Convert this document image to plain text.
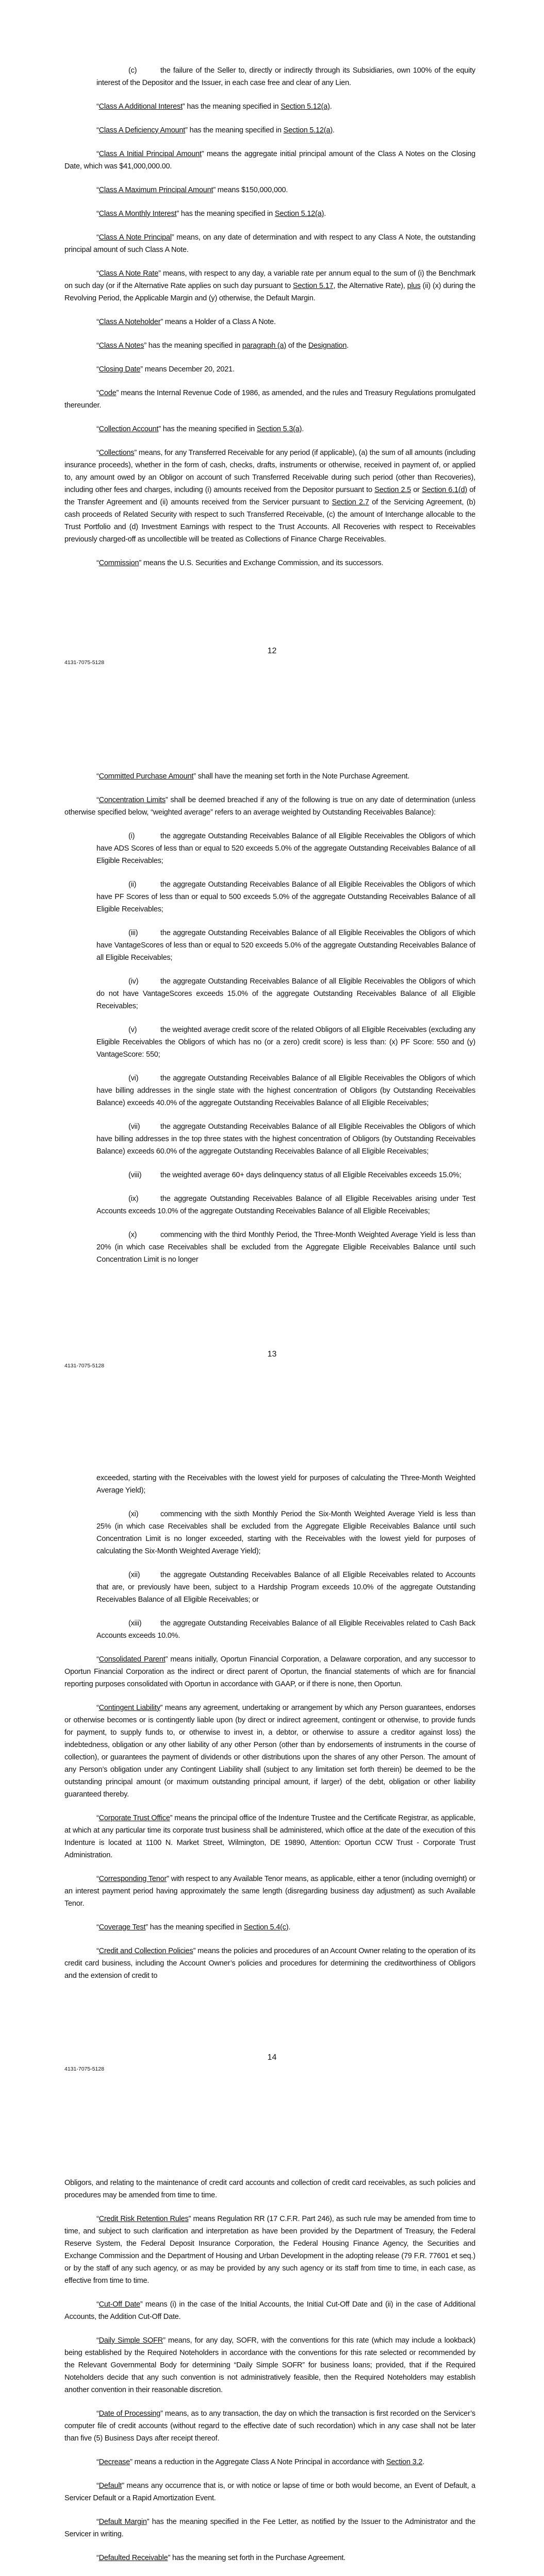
(c)	the failure of the Seller to, directly or indirectly through its Subsidiaries, own 100% of the equity interest of the Depositor and the Issuer, in each case free and clear of any Lien.

“Class A Additional Interest” has the meaning specified in Section 5.12(a).

“Class A Deficiency Amount” has the meaning specified in Section 5.12(a).

“Class A Initial Principal Amount” means the aggregate initial principal amount of the Class A Notes on the Closing Date, which was $41,000,000.00.

“Class A Maximum Principal Amount” means $150,000,000.

“Class A Monthly Interest” has the meaning specified in Section 5.12(a).

“Class A Note Principal” means, on any date of determination and with respect to any Class A Note, the outstanding principal amount of such Class A Note.

“Class A Note Rate” means, with respect to any day, a variable rate per annum equal to the sum of (i) the Benchmark on such day (or if the Alternative Rate applies on such day pursuant to Section 5.17, the Alternative Rate), plus (ii) (x) during the Revolving Period, the Applicable Margin and (y) otherwise, the Default Margin.

“Class A Noteholder” means a Holder of a Class A Note.

“Class A Notes” has the meaning specified in paragraph (a) of the Designation.

“Closing Date” means December 20, 2021.

“Code” means the Internal Revenue Code of 1986, as amended, and the rules and Treasury Regulations promulgated thereunder.

“Collection Account” has the meaning specified in Section 5.3(a).

“Collections” means, for any Transferred Receivable for any period (if applicable), (a) the sum of all amounts (including insurance proceeds), whether in the form of cash, checks, drafts, instruments or otherwise, received in payment of, or applied to, any amount owed by an Obligor on account of such Transferred Receivable during such period (other than Recoveries), including other fees and charges, including (i) amounts received from the Depositor pursuant to Section 2.5 or Section 6.1(d) of the Transfer Agreement and (ii) amounts received from the Servicer pursuant to Section 2.7 of the Servicing Agreement, (b) cash proceeds of Related Security with respect to such Transferred Receivable, (c) the amount of Interchange allocable to the Trust Portfolio and (d) Investment Earnings with respect to the Trust Accounts. All Recoveries with respect to Receivables previously charged-off as uncollectible will be treated as Collections of Finance Charge Receivables.

“Commission” means the U.S. Securities and Exchange Commission, and its successors.

12
4131-7075-5128

“Committed Purchase Amount” shall have the meaning set forth in the Note Purchase Agreement.

“Concentration Limits” shall be deemed breached if any of the following is true on any date of determination (unless otherwise specified below, “weighted average” refers to an average weighted by Outstanding Receivables Balance):

(i)	the aggregate Outstanding Receivables Balance of all Eligible Receivables the Obligors of which have ADS Scores of less than or equal to 520 exceeds 5.0% of the aggregate Outstanding Receivables Balance of all Eligible Receivables;

(ii)	the aggregate Outstanding Receivables Balance of all Eligible Receivables the Obligors of which have PF Scores of less than or equal to 500 exceeds 5.0% of the aggregate Outstanding Receivables Balance of all Eligible Receivables;

(iii)	the aggregate Outstanding Receivables Balance of all Eligible Receivables the Obligors of which have VantageScores of less than or equal to 520 exceeds 5.0% of the aggregate Outstanding Receivables Balance of all Eligible Receivables;

(iv)	the aggregate Outstanding Receivables Balance of all Eligible Receivables the Obligors of which do not have VantageScores exceeds 15.0% of the aggregate Outstanding Receivables Balance of all Eligible Receivables;

(v)	the weighted average credit score of the related Obligors of all Eligible Receivables (excluding any Eligible Receivables the Obligors of which has no (or a zero) credit score) is less than: (x) PF Score: 550 and (y) VantageScore: 550;

(vi)	the aggregate Outstanding Receivables Balance of all Eligible Receivables the Obligors of which have billing addresses in the single state with the highest concentration of Obligors (by Outstanding Receivables Balance) exceeds 40.0% of the aggregate Outstanding Receivables Balance of all Eligible Receivables;

(vii)	the aggregate Outstanding Receivables Balance of all Eligible Receivables the Obligors of which have billing addresses in the top three states with the highest concentration of Obligors (by Outstanding Receivables Balance) exceeds 60.0% of the aggregate Outstanding Receivables Balance of all Eligible Receivables;

(viii)	the weighted average 60+ days delinquency status of all Eligible Receivables exceeds 15.0%;

(ix)	the aggregate Outstanding Receivables Balance of all Eligible Receivables arising under Test Accounts exceeds 10.0% of the aggregate Outstanding Receivables Balance of all Eligible Receivables;

(x)	commencing with the third Monthly Period, the Three-Month Weighted Average Yield is less than 20% (in which case Receivables shall be excluded from the Aggregate Eligible Receivables Balance until such Concentration Limit is no longer

13
4131-7075-5128

exceeded, starting with the Receivables with the lowest yield for purposes of calculating the Three-Month Weighted Average Yield);

(xi)	commencing with the sixth Monthly Period the Six-Month Weighted Average Yield is less than 25% (in which case Receivables shall be excluded from the Aggregate Eligible Receivables Balance until such Concentration Limit is no longer exceeded, starting with the Receivables with the lowest yield for purposes of calculating the Six-Month Weighted Average Yield);

(xii)	the aggregate Outstanding Receivables Balance of all Eligible Receivables related to Accounts that are, or previously have been, subject to a Hardship Program exceeds 10.0% of the aggregate Outstanding Receivables Balance of all Eligible Receivables; or

(xiii)	the aggregate Outstanding Receivables Balance of all Eligible Receivables related to Cash Back Accounts exceeds 10.0%.

“Consolidated Parent” means initially, Oportun Financial Corporation, a Delaware corporation, and any successor to Oportun Financial Corporation as the indirect or direct parent of Oportun, the financial statements of which are for financial reporting purposes consolidated with Oportun in accordance with GAAP, or if there is none, then Oportun.

“Contingent Liability” means any agreement, undertaking or arrangement by which any Person guarantees, endorses or otherwise becomes or is contingently liable upon (by direct or indirect agreement, contingent or otherwise, to provide funds for payment, to supply funds to, or otherwise to invest in, a debtor, or otherwise to assure a creditor against loss) the indebtedness, obligation or any other liability of any other Person (other than by endorsements of instruments in the course of collection), or guarantees the payment of dividends or other distributions upon the shares of any other Person. The amount of any Person’s obligation under any Contingent Liability shall (subject to any limitation set forth therein) be deemed to be the outstanding principal amount (or maximum outstanding principal amount, if larger) of the debt, obligation or other liability guaranteed thereby.

“Corporate Trust Office” means the principal office of the Indenture Trustee and the Certificate Registrar, as applicable, at which at any particular time its corporate trust business shall be administered, which office at the date of the execution of this Indenture is located at 1100 N. Market Street, Wilmington, DE 19890, Attention: Oportun CCW Trust - Corporate Trust Administration.

“Corresponding Tenor” with respect to any Available Tenor means, as applicable, either a tenor (including overnight) or an interest payment period having approximately the same length (disregarding business day adjustment) as such Available Tenor.

“Coverage Test” has the meaning specified in Section 5.4(c).

“Credit and Collection Policies” means the policies and procedures of an Account Owner relating to the operation of its credit card business, including the Account Owner’s policies and procedures for determining the creditworthiness of Obligors and the extension of credit to

14
4131-7075-5128

Obligors, and relating to the maintenance of credit card accounts and collection of credit card receivables, as such policies and procedures may be amended from time to time.

“Credit Risk Retention Rules” means Regulation RR (17 C.F.R. Part 246), as such rule may be amended from time to time, and subject to such clarification and interpretation as have been provided by the Department of Treasury, the Federal Reserve System, the Federal Deposit Insurance Corporation, the Federal Housing Finance Agency, the Securities and Exchange Commission and the Department of Housing and Urban Development in the adopting release (79 F.R. 77601 et seq.) or by the staff of any such agency, or as may be provided by any such agency or its staff from time to time, in each case, as effective from time to time.

“Cut-Off Date” means (i) in the case of the Initial Accounts, the Initial Cut-Off Date and (ii) in the case of Additional Accounts, the Addition Cut-Off Date.

“Daily Simple SOFR” means, for any day, SOFR, with the conventions for this rate (which may include a lookback) being established by the Required Noteholders in accordance with the conventions for this rate selected or recommended by the Relevant Governmental Body for determining “Daily Simple SOFR” for business loans; provided, that if the Required Noteholders decide that any such convention is not administratively feasible, then the Required Noteholders may establish another convention in their reasonable discretion.

“Date of Processing” means, as to any transaction, the day on which the transaction is first recorded on the Servicer’s computer file of credit accounts (without regard to the effective date of such recordation) which in any case shall not be later than five (5) Business Days after receipt thereof.

“Decrease” means a reduction in the Aggregate Class A Note Principal in accordance with Section 3.2.

“Default” means any occurrence that is, or with notice or lapse of time or both would become, an Event of Default, a Servicer Default or a Rapid Amortization Event.

“Default Margin” has the meaning specified in the Fee Letter, as notified by the Issuer to the Administrator and the Servicer in writing.

“Defaulted Receivable” has the meaning set forth in the Purchase Agreement.
